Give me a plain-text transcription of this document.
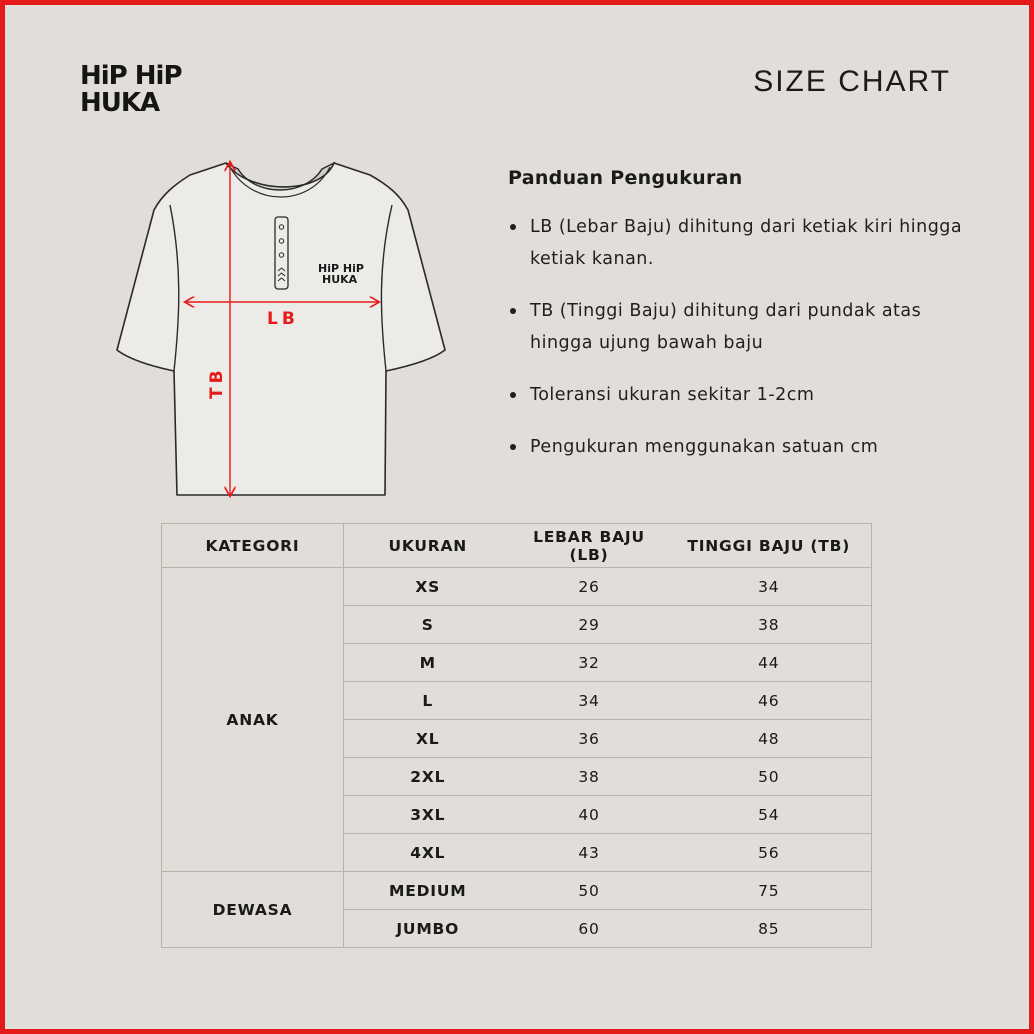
HiP HiP
HUKA
SIZE CHART
HiP HiP
HUKA
LB
TB
Panduan Pengukuran
LB (Lebar Baju) dihitung dari ketiak kiri hingga ketiak kanan.
TB (Tinggi Baju) dihitung dari pundak atas hingga ujung bawah baju
Toleransi ukuran sekitar 1-2cm
Pengukuran menggunakan satuan cm
KATEGORI	UKURAN	LEBAR BAJU (LB)	TINGGI BAJU (TB)
ANAK	XS	26	34
	S	29	38
	M	32	44
	L	34	46
	XL	36	48
	2XL	38	50
	3XL	40	54
	4XL	43	56
DEWASA	MEDIUM	50	75
	JUMBO	60	85
